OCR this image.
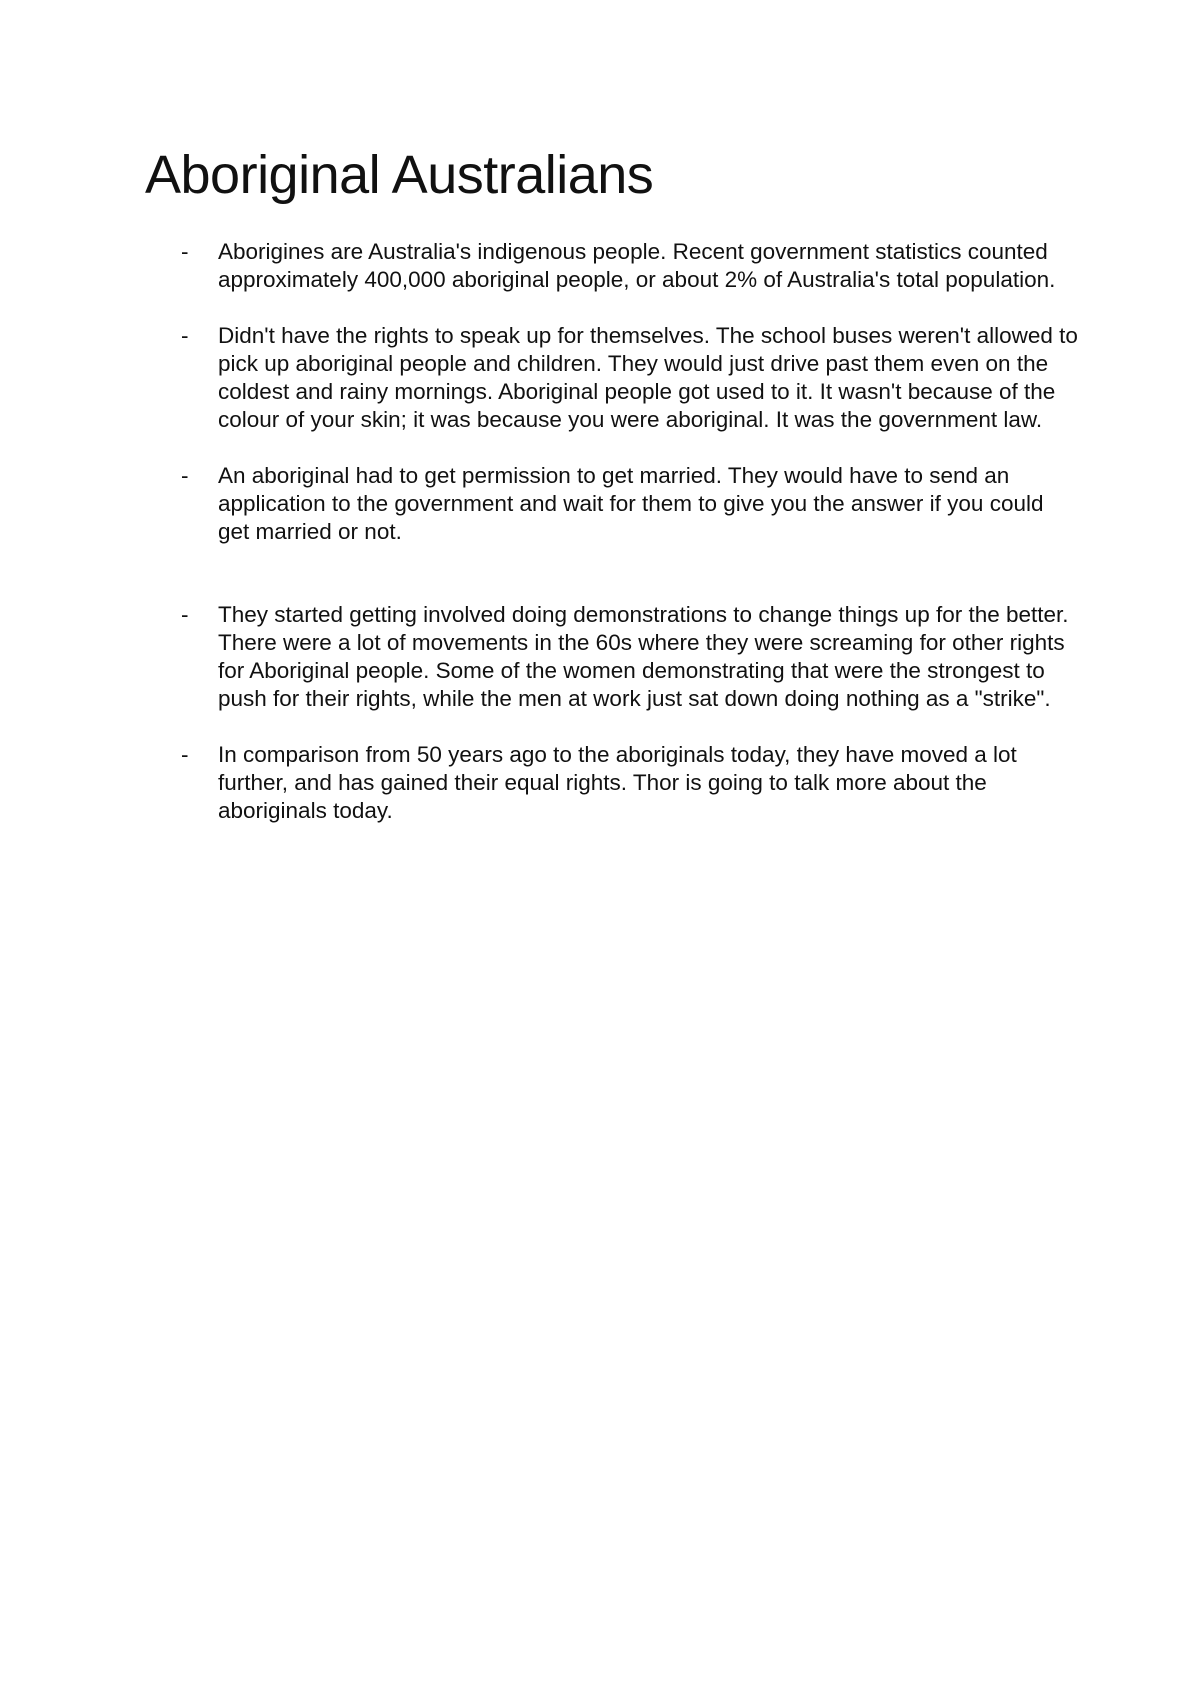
Aboriginal Australians
- Aborigines are Australia's indigenous people. Recent government statistics counted approximately 400,000 aboriginal people, or about 2% of Australia's total population.
- Didn't have the rights to speak up for themselves. The school buses weren't allowed to pick up aboriginal people and children. They would just drive past them even on the coldest and rainy mornings. Aboriginal people got used to it. It wasn't because of the colour of your skin; it was because you were aboriginal. It was the government law.
- An aboriginal had to get permission to get married. They would have to send an application to the government and wait for them to give you the answer if you could get married or not.
- They started getting involved doing demonstrations to change things up for the better. There were a lot of movements in the 60s where they were screaming for other rights for Aboriginal people. Some of the women demonstrating that were the strongest to push for their rights, while the men at work just sat down doing nothing as a "strike".
- In comparison from 50 years ago to the aboriginals today, they have moved a lot further, and has gained their equal rights. Thor is going to talk more about the aboriginals today.
